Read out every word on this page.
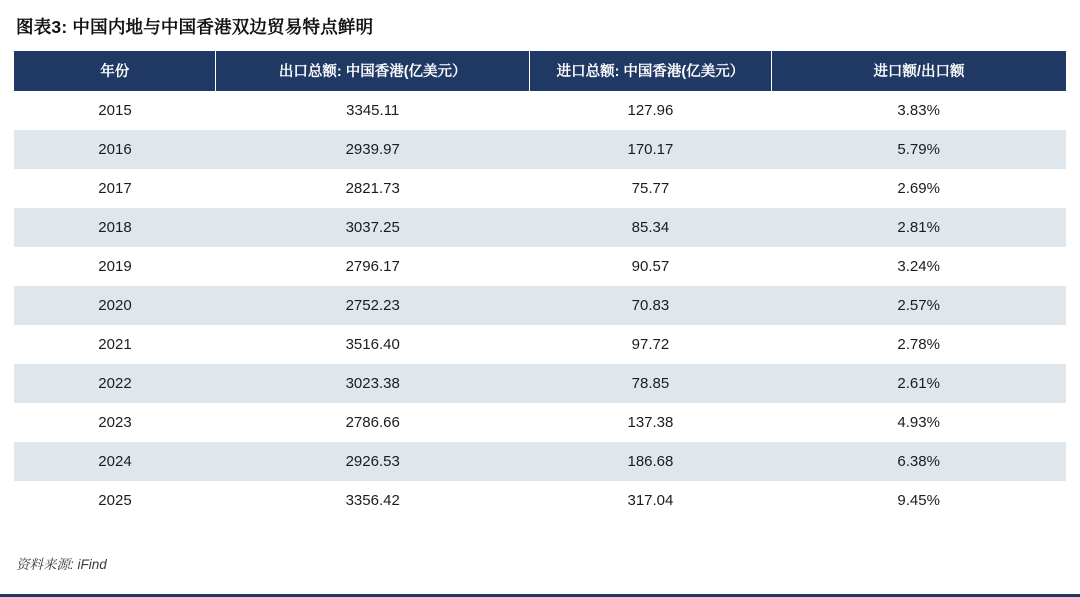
图表3: 中国内地与中国香港双边贸易特点鲜明
年份	出口总额: 中国香港(亿美元）	进口总额: 中国香港(亿美元）	进口额/出口额
2015	3345.11	127.96	3.83%
2016	2939.97	170.17	5.79%
2017	2821.73	75.77	2.69%
2018	3037.25	85.34	2.81%
2019	2796.17	90.57	3.24%
2020	2752.23	70.83	2.57%
2021	3516.40	97.72	2.78%
2022	3023.38	78.85	2.61%
2023	2786.66	137.38	4.93%
2024	2926.53	186.68	6.38%
2025	3356.42	317.04	9.45%
资料来源: iFind
